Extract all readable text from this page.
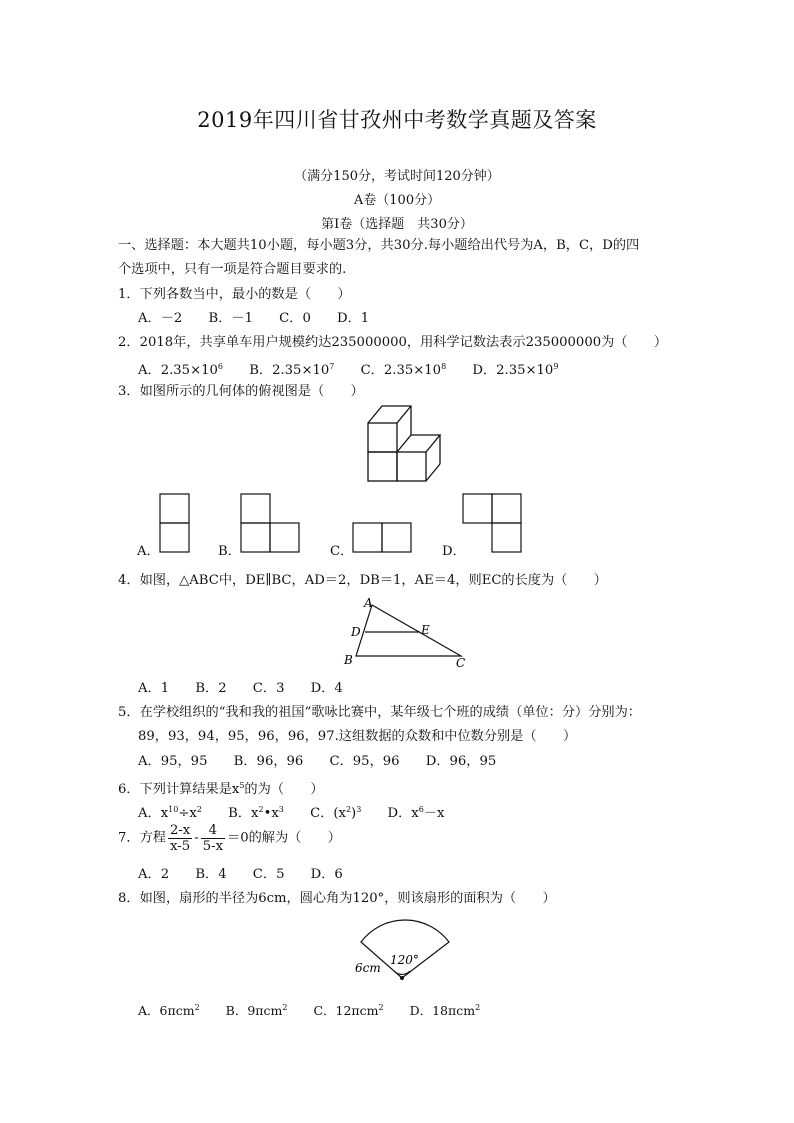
2019年四川省甘孜州中考数学真题及答案
（满分150分，考试时间120分钟）
A卷（100分）
第Ⅰ卷（选择题　共30分）
一、选择题：本大题共10小题，每小题3分，共30分.每小题给出代号为A，B，C，D的四
个选项中，只有一项是符合题目要求的.
1．下列各数当中，最小的数是（　　）
A．－2 B．－1 C．0 D．1
2．2018年，共享单车用户规模约达235000000，用科学记数法表示235000000为（　　）
A．$2.35\times 10^6$ B．$2.35\times 10^7$ C．$2.35\times 10^8$ D．$2.35\times 10^9$
3．如图所示的几何体的俯视图是（　　）
A．	B．	C．	D．
4．如图，△ABC中，DE∥BC，AD＝2，DB＝1，AE＝4，则EC的长度为（　　）
A
D	E
B	C
A．1 B．2 C．3 D．4
5．在学校组织的“我和我的祖国”歌咏比赛中，某年级七个班的成绩（单位：分）分别为：
89，93，94，95，96，96，97.这组数据的众数和中位数分别是（　　）
A．95，95 B．96，96 C．95，96 D．96，95
6．下列计算结果是$x^5$的为（　　）
A．$x^{10}\div x^2$ B．$x^2•x^3$ C．$(x^2)^3$ D．$x^6-x$
7．方程 $\frac{2-x}{x-5} - \frac{4}{5-x} =0$的解为（　　）
A．2 B．4 C．5 D．6
8．如图，扇形的半径为6cm，圆心角为120°，则该扇形的面积为（　　）
6cm
120°
A．6πcm$^2$ B．9πcm$^2$ C．12πcm$^2$ D．18πcm$^2$
